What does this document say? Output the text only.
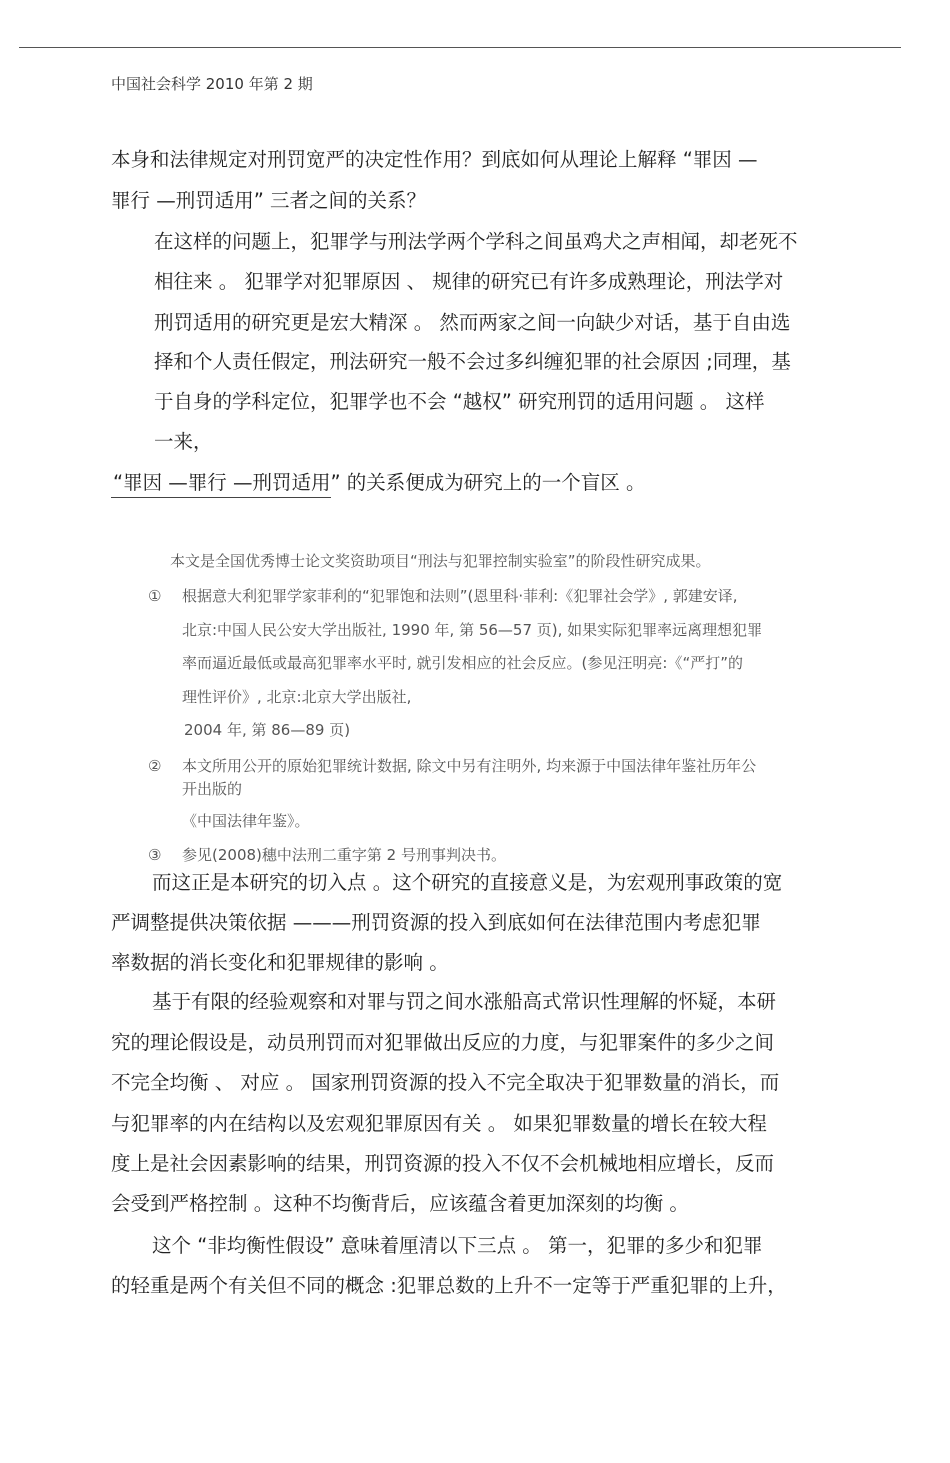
中国社会科学 2010 年第 2 期
本身和法律规定对刑罚宽严的决定性作用？到底如何从理论上解释 “罪因 —
罪行 —刑罚适用” 三者之间的关系？
在这样的问题上，犯罪学与刑法学两个学科之间虽鸡犬之声相闻，却老死不
相往来 。 犯罪学对犯罪原因 、 规律的研究已有许多成熟理论，刑法学对
刑罚适用的研究更是宏大精深 。 然而两家之间一向缺少对话，基于自由选
择和个人责任假定，刑法研究一般不会过多纠缠犯罪的社会原因 ;同理，基
于自身的学科定位，犯罪学也不会 “越权” 研究刑罚的适用问题 。 这样
一来，
“罪因 —罪行 —刑罚适用” 的关系便成为研究上的一个盲区 。
本文是全国优秀博士论文奖资助项目“刑法与犯罪控制实验室”的阶段性研究成果。
① 根据意大利犯罪学家菲利的“犯罪饱和法则”(恩里科·菲利:《犯罪社会学》, 郭建安译,
北京:中国人民公安大学出版社, 1990 年, 第 56—57 页), 如果实际犯罪率远离理想犯罪
率而逼近最低或最高犯罪率水平时, 就引发相应的社会反应。(参见汪明亮:《“严打”的
理性评价》, 北京:北京大学出版社,
2004 年, 第 86—89 页)
② 本文所用公开的原始犯罪统计数据, 除文中另有注明外, 均来源于中国法律年鉴社历年公
开出版的
《中国法律年鉴》。
③ 参见(2008)穗中法刑二重字第 2 号刑事判决书。
而这正是本研究的切入点 。这个研究的直接意义是，为宏观刑事政策的宽
严调整提供决策依据 ———刑罚资源的投入到底如何在法律范围内考虑犯罪
率数据的消长变化和犯罪规律的影响 。
基于有限的经验观察和对罪与罚之间水涨船高式常识性理解的怀疑，本研
究的理论假设是，动员刑罚而对犯罪做出反应的力度，与犯罪案件的多少之间
不完全均衡 、 对应 。 国家刑罚资源的投入不完全取决于犯罪数量的消长，而
与犯罪率的内在结构以及宏观犯罪原因有关 。 如果犯罪数量的增长在较大程
度上是社会因素影响的结果，刑罚资源的投入不仅不会机械地相应增长，反而
会受到严格控制 。这种不均衡背后，应该蕴含着更加深刻的均衡 。
这个 “非均衡性假设” 意味着厘清以下三点 。 第一，犯罪的多少和犯罪
的轻重是两个有关但不同的概念 :犯罪总数的上升不一定等于严重犯罪的上升，
